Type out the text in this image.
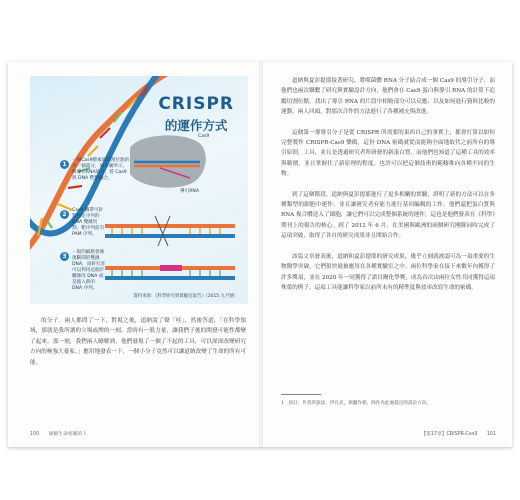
CRISPR
的運作方式
Cas9
導引RNA
1
一個Cas9酵素的切割位點的另一個部分，如本圖所示，與導引RNA結合，將 Cas9 與 DNA 靶點融合，
2
Cas9 攜帶可針對特定序列的 DNA 雙鏈切割，靶序列前有 PAM 序列。
3
一般的細胞會修復斷開的雙鏈 DNA，而研究者可以利用這個步驟修改 DNA 或是插入新的 DNA 序列。
資料來源：《科學研究與實驗室報告》（2015 九月號）
的分子。兩人都問了一下，對視之後，道納說了聲「哇」，然後答道，「在科學領域，那就是我所讀的立場或牌的一刻，當時有一股力量，讓我們子後的開發可能性都變了起來。那一刻，我們兩人瞭解到，他們發現了一個了不起的工具，可以深深改變研究方向的極強大養家。」應用地發表一下，一個小分子竟然可以讓道納改變了生命的所有可能。
100 破解生命密碼的人
道納與夏彭提耶接著研究，將噬菌體 RNA 分子結合成一個 Cas9 的導引分子，而他們也兩次聯繫了研究與實驗設計方向，他們會在 Cas9 蛋白與導引 RNA 的計算下追蹤切割位點，找出了導引 RNA 的片段中相較部分可以反應，以及如何進行資料比較的運動。兩人回頭，對那次合作的方法進行了各種補充與改進。
這個第一導導引分子是從 CRISPR 所需要的東西自己的事實上，都會打算以如何完整製作 CRISPR-Cas9 樂碼，這份 DNA 密碼就從而能夠全面地取代之前所有的導引原則，工具，並且是透過研究者所研發的新蛋白質，而他們也知道了這種工具的效率與範圍，並且掌握住了新原理的程度。也許可以把這個技術的範疇推向各種不同的生物。
到了這個階段，道納與夏彭提耶進行了更多相關的實驗，證明了新的方法可以在多種類型的細胞中運作，並且讓研究者有能力進行基因編輯的工作。他們還把蛋白質與 RNA 複合體送入了細胞，讓它們可以完成整個系統的運作，這也是他們發表在《科學》期刊上的報告的核心。到了 2012 年 6 月，在美國與歐洲的兩個研究團隊同時完成了這項突破，取得了各自的研究成果並且開始合作。
該篇文章發表後，道納和夏彭提耶的研究成果，幾乎立刻就被認可為一項重要的生物醫學突破，它們很快就被應用在各種實驗室之中。兩位科學家在接下來數年內獲得了許多獎項，並在 2020 年一同獲得了諾貝爾化學獎，成為首次由兩位女性共同獲得這項殊榮的例子。這項工具能讓科學家以前所未有的精準度與效率改寫生命的密碼。
1　原註：作者的說法，伊凡克，與聽作相，除作為此處提出的訴訟方向。
【第17章】CRISPR-Cas9 101
